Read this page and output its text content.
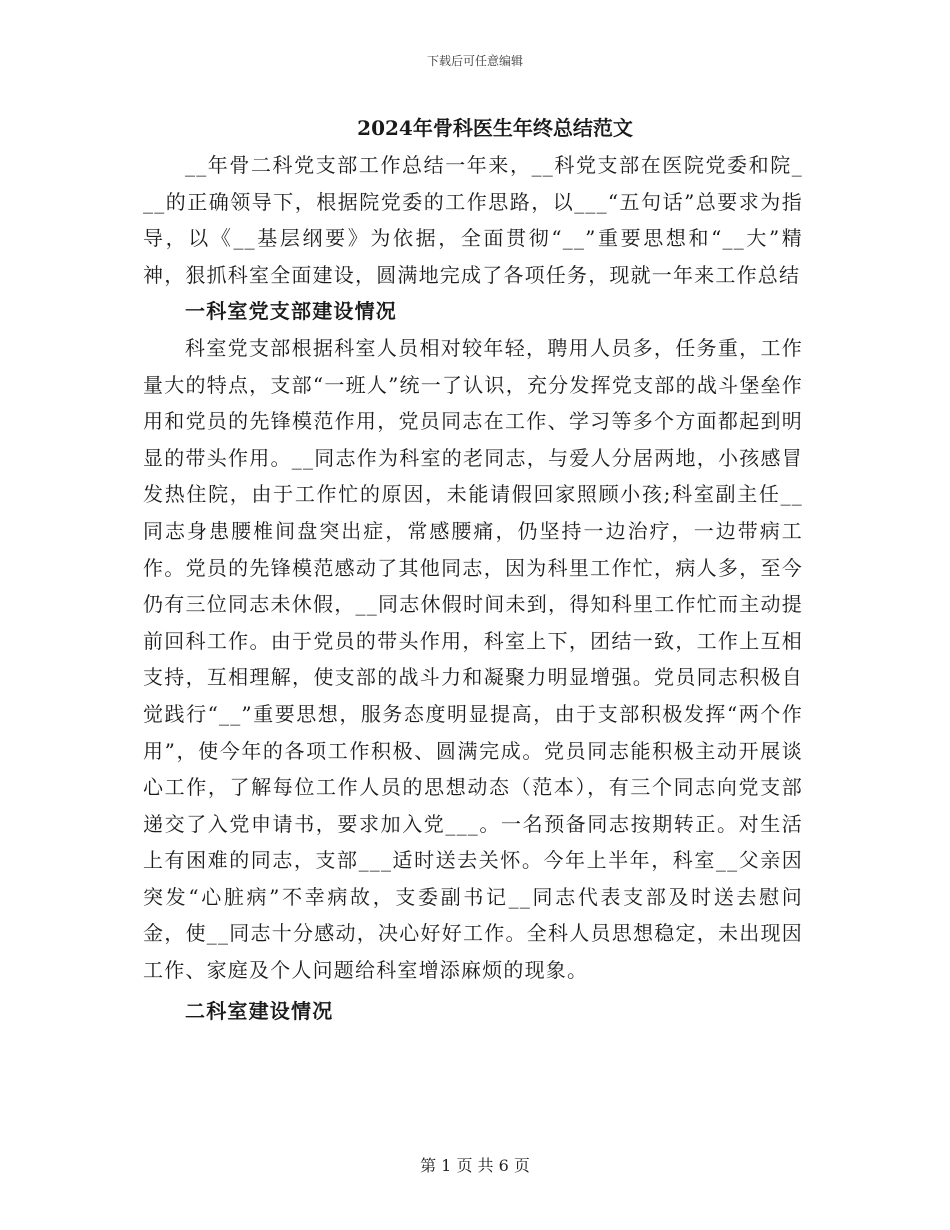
下载后可任意编辑
2024年骨科医生年终总结范文

__年骨二科党支部工作总结一年来，__科党支部在医院党委和院___的正确领导下，根据院党委的工作思路，以___“五句话”总要求为指导，以《__基层纲要》为依据，全面贯彻“__”重要思想和“__大”精神，狠抓科室全面建设，圆满地完成了各项任务，现就一年来工作总结

一科室党支部建设情况

科室党支部根据科室人员相对较年轻，聘用人员多，任务重，工作量大的特点，支部“一班人”统一了认识，充分发挥党支部的战斗堡垒作用和党员的先锋模范作用，党员同志在工作、学习等多个方面都起到明显的带头作用。__同志作为科室的老同志，与爱人分居两地，小孩感冒发热住院，由于工作忙的原因，未能请假回家照顾小孩;科室副主任__同志身患腰椎间盘突出症，常感腰痛，仍坚持一边治疗，一边带病工作。党员的先锋模范感动了其他同志，因为科里工作忙，病人多，至今仍有三位同志未休假，__同志休假时间未到，得知科里工作忙而主动提前回科工作。由于党员的带头作用，科室上下，团结一致，工作上互相支持，互相理解，使支部的战斗力和凝聚力明显增强。党员同志积极自觉践行“__”重要思想，服务态度明显提高，由于支部积极发挥“两个作用”，使今年的各项工作积极、圆满完成。党员同志能积极主动开展谈心工作，了解每位工作人员的思想动态（范本），有三个同志向党支部递交了入党申请书，要求加入党___。一名预备同志按期转正。对生活上有困难的同志，支部___适时送去关怀。今年上半年，科室__父亲因突发“心脏病”不幸病故，支委副书记__同志代表支部及时送去慰问金，使__同志十分感动，决心好好工作。全科人员思想稳定，未出现因工作、家庭及个人问题给科室增添麻烦的现象。

二科室建设情况
第 1 页 共 6 页
